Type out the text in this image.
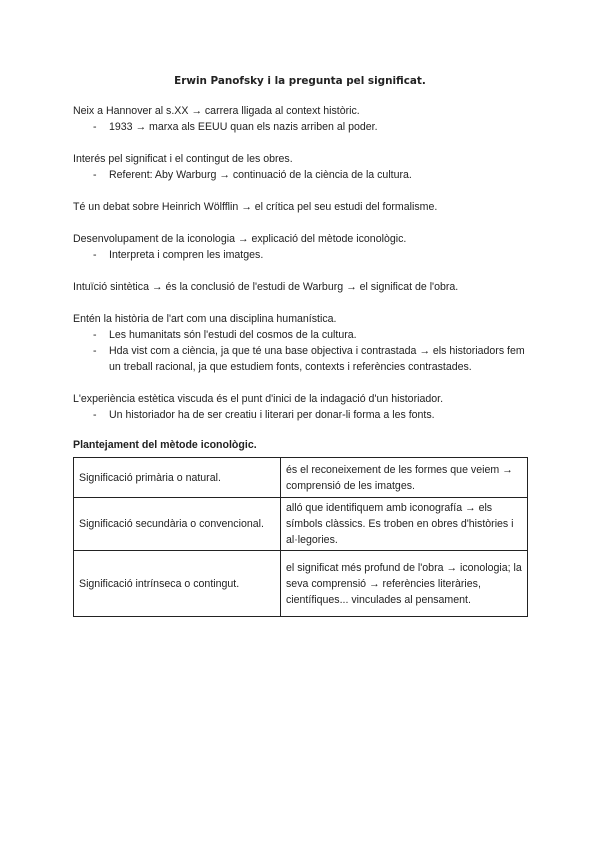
Erwin Panofsky i la pregunta pel significat.
Neix a Hannover al s.XX → carrera lligada al context històric.
- 1933 → marxa als EEUU quan els nazis arriben al poder.
Interés pel significat i el contingut de les obres.
- Referent: Aby Warburg → continuació de la ciència de la cultura.
Té un debat sobre Heinrich Wölfflin → el crítica pel seu estudi del formalisme.
Desenvolupament de la iconologia → explicació del mètode iconològic.
- Interpreta i compren les imatges.
Intuïció sintètica → és la conclusió de l'estudi de Warburg → el significat de l'obra.
Entén la història de l'art com una disciplina humanística.
- Les humanitats són l'estudi del cosmos de la cultura.
- Hda vist com a ciència, ja que té una base objectiva i contrastada → els historiadors fem un treball racional, ja que estudiem fonts, contexts i referències contrastades.
L'experiència estètica viscuda és el punt d'inici de la indagació d'un historiador.
- Un historiador ha de ser creatiu i literari per donar-li forma a les fonts.
Plantejament del mètode iconològic.
Significació primària o natural.	és el reconeixement de les formes que veiem → comprensió de les imatges.
Significació secundària o convencional.	alló que identifiquem amb iconografía → els símbols clàssics. Es troben en obres d'històries i al·legories.
Significació intrínseca o contingut.	el significat més profund de l'obra → iconologia; la seva comprensió → referències literàries, científiques... vinculades al pensament.
